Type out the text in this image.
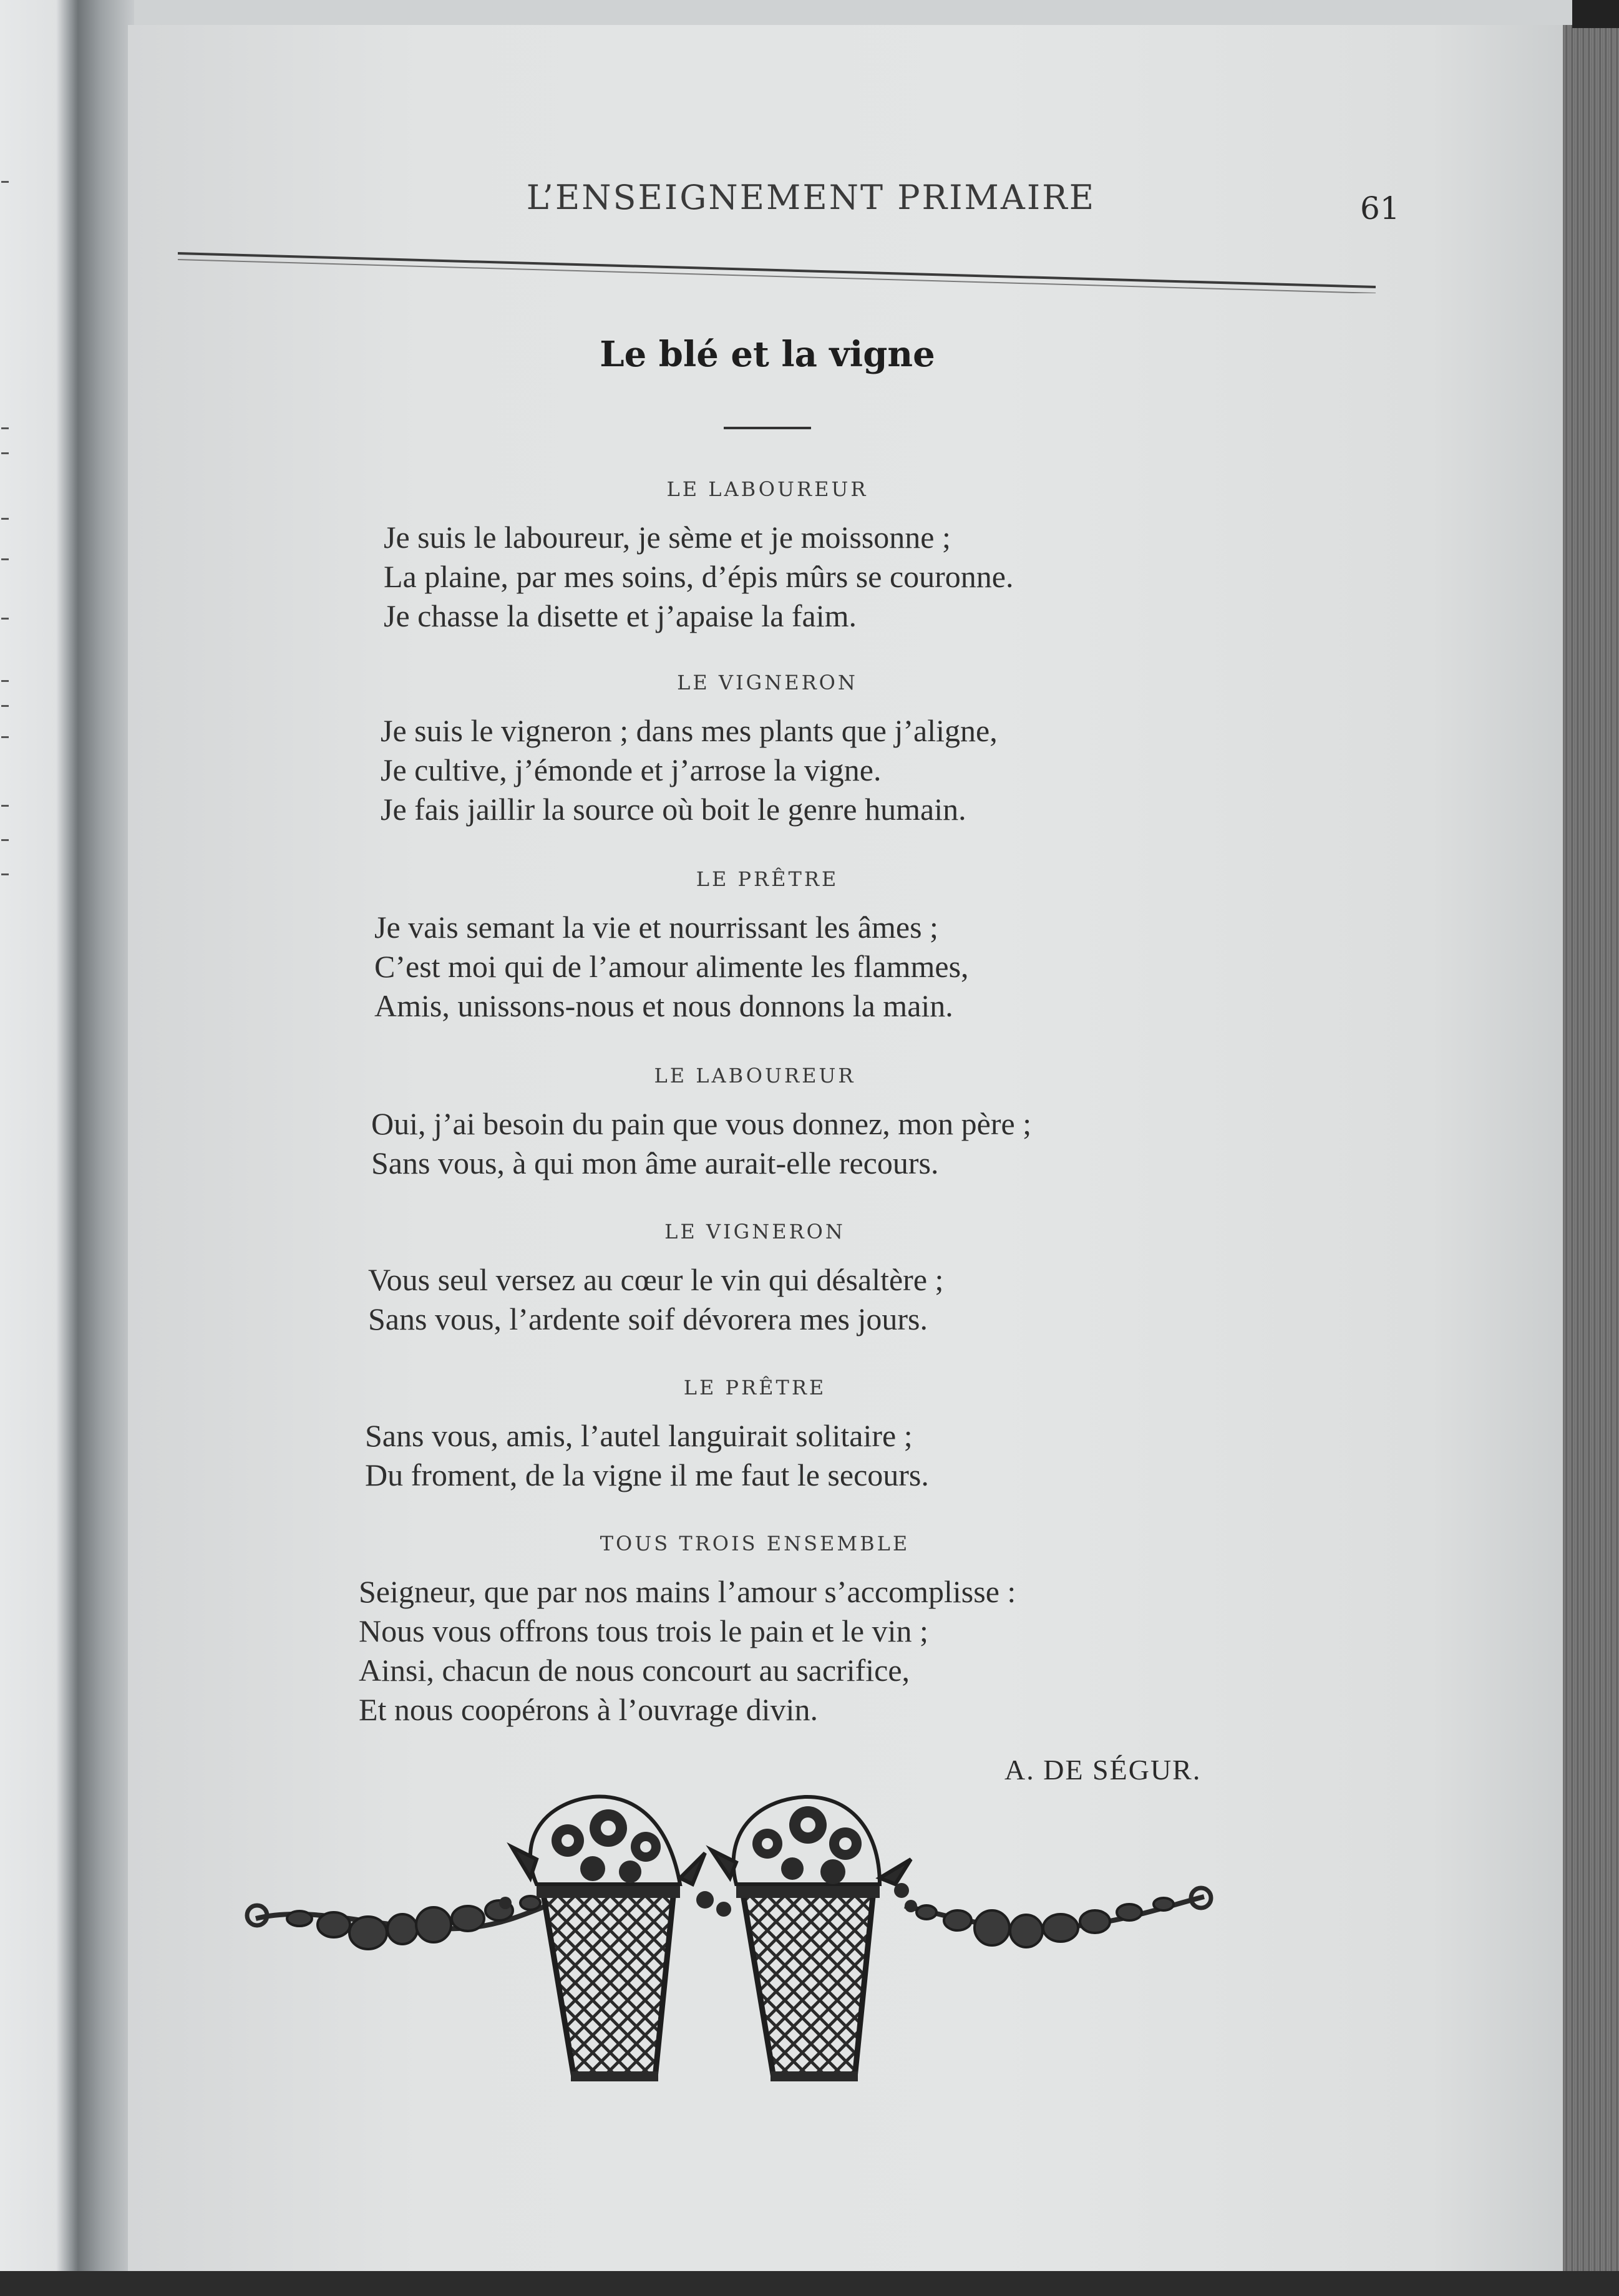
L’ENSEIGNEMENT PRIMAIRE	61
Le blé et la vigne
LE LABOUREUR
Je suis le laboureur, je sème et je moissonne ;
La plaine, par mes soins, d’épis mûrs se couronne.
Je chasse la disette et j’apaise la faim.
LE VIGNERON
Je suis le vigneron ; dans mes plants que j’aligne,
Je cultive, j’émonde et j’arrose la vigne.
Je fais jaillir la source où boit le genre humain.
LE PRÊTRE
Je vais semant la vie et nourrissant les âmes ;
C’est moi qui de l’amour alimente les flammes,
Amis, unissons-nous et nous donnons la main.
LE LABOUREUR
Oui, j’ai besoin du pain que vous donnez, mon père ;
Sans vous, à qui mon âme aurait-elle recours.
LE VIGNERON
Vous seul versez au cœur le vin qui désaltère ;
Sans vous, l’ardente soif dévorera mes jours.
LE PRÊTRE
Sans vous, amis, l’autel languirait solitaire ;
Du froment, de la vigne il me faut le secours.
TOUS TROIS ENSEMBLE
Seigneur, que par nos mains l’amour s’accomplisse :
Nous vous offrons tous trois le pain et le vin ;
Ainsi, chacun de nous concourt au sacrifice,
Et nous coopérons à l’ouvrage divin.
A. DE SÉGUR.
